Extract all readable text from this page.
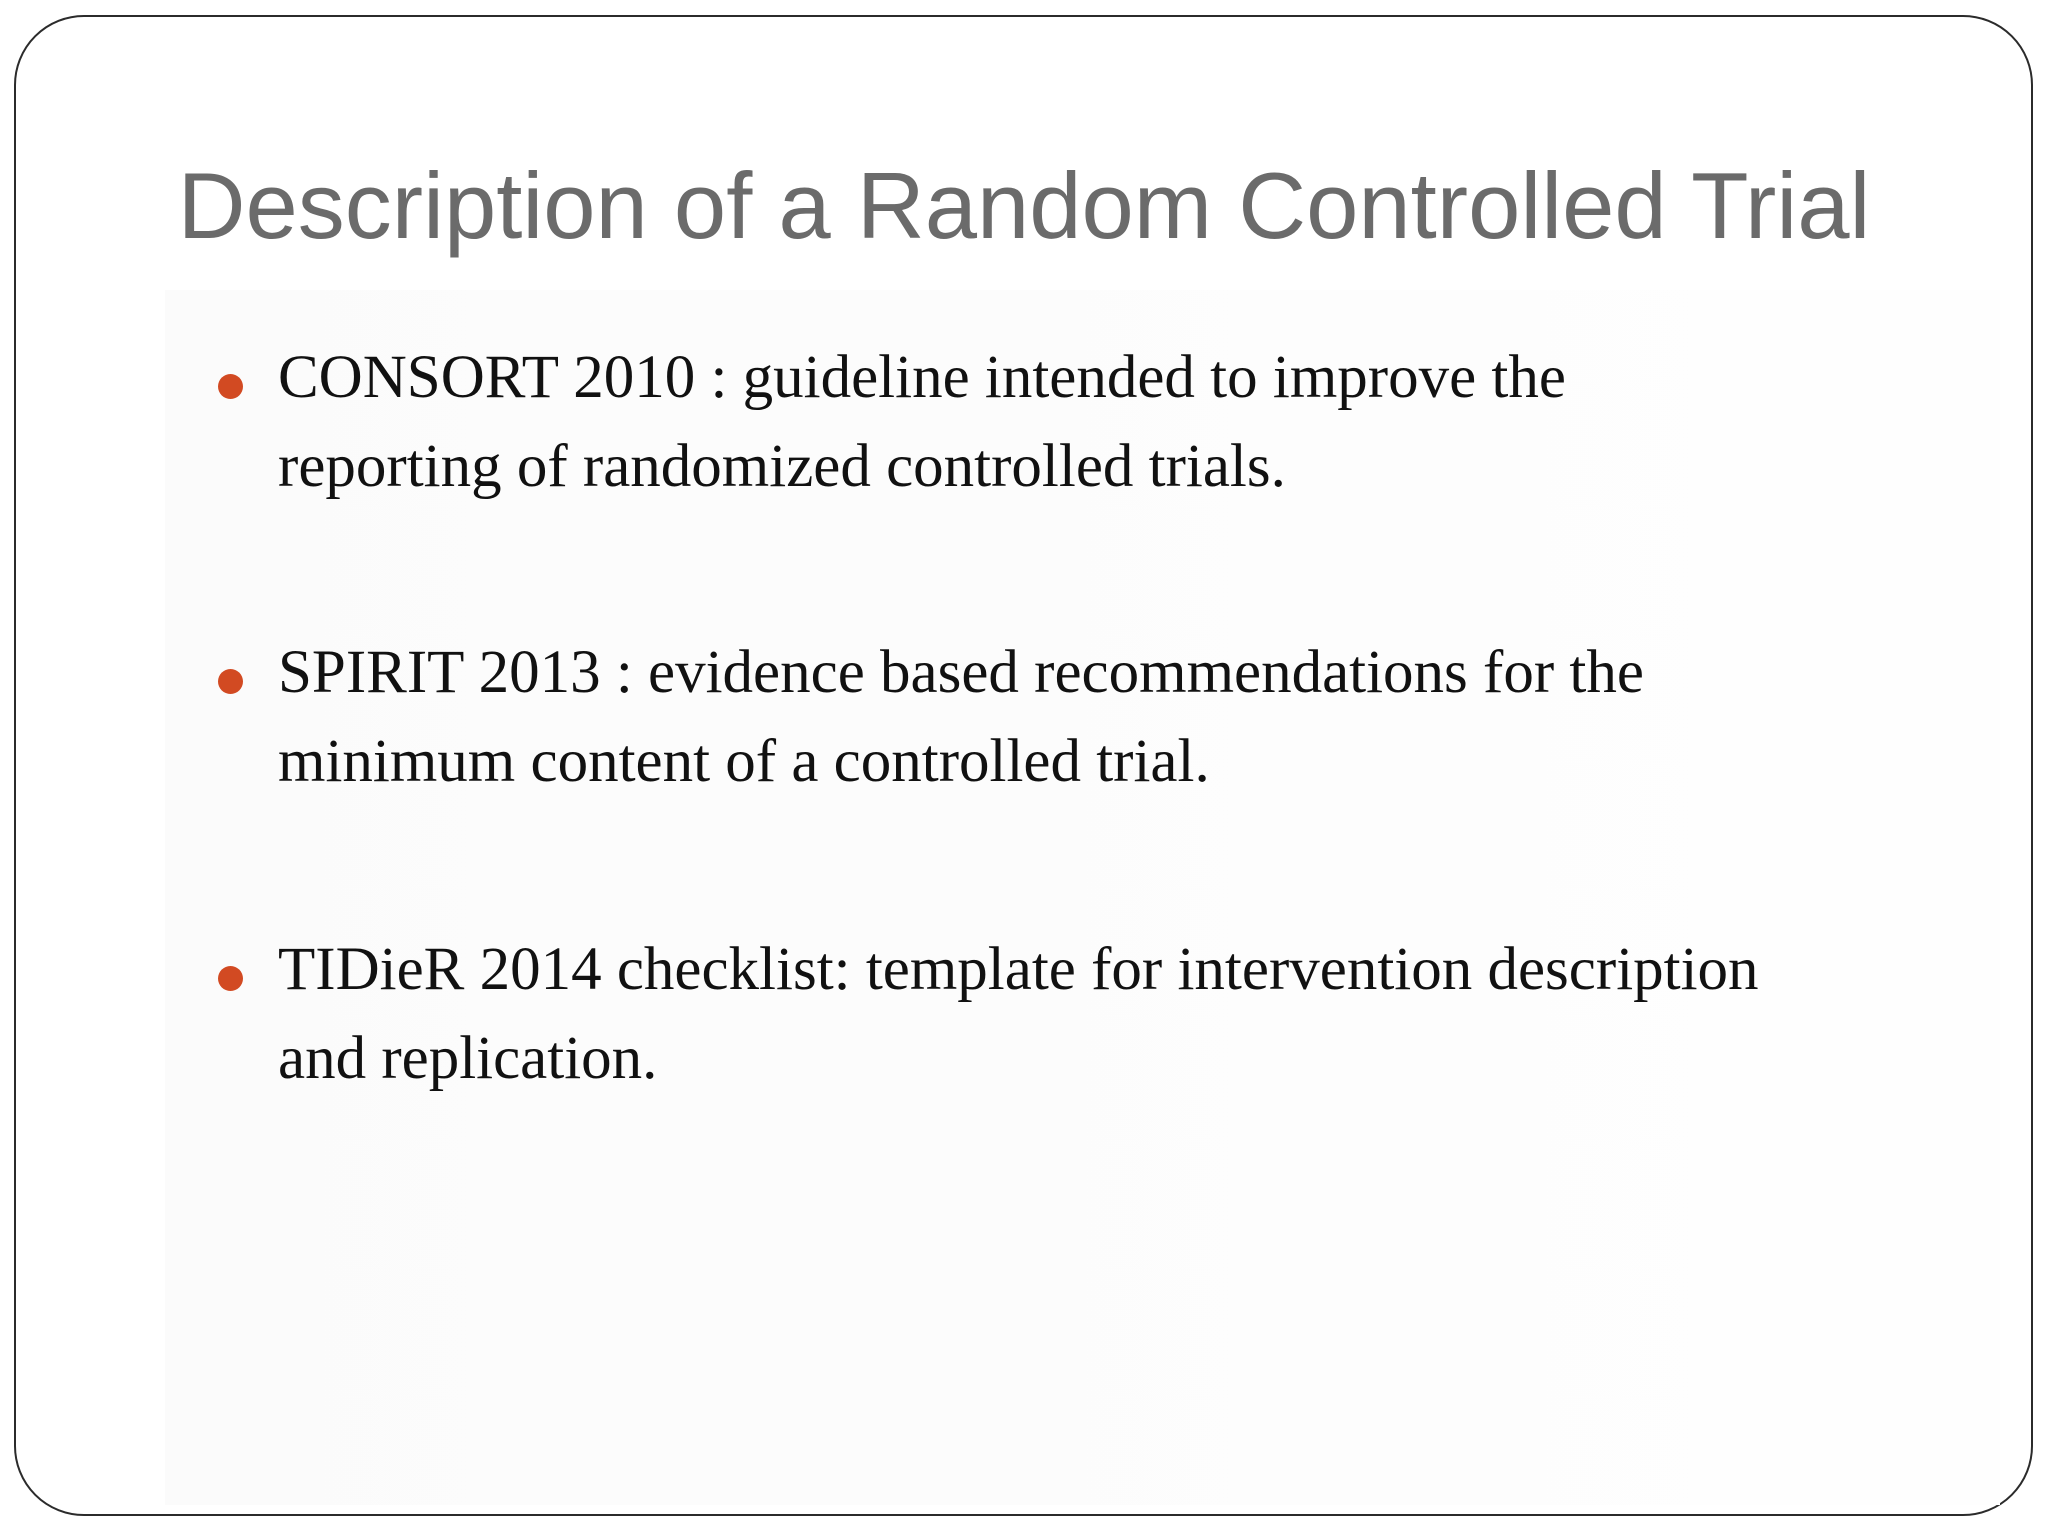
Description of a Random Controlled Trial
CONSORT 2010 : guideline intended to improve the
reporting of randomized controlled trials.
SPIRIT 2013 : evidence based recommendations for the
minimum content of a controlled trial.
TIDieR 2014 checklist: template for intervention description
and replication.
